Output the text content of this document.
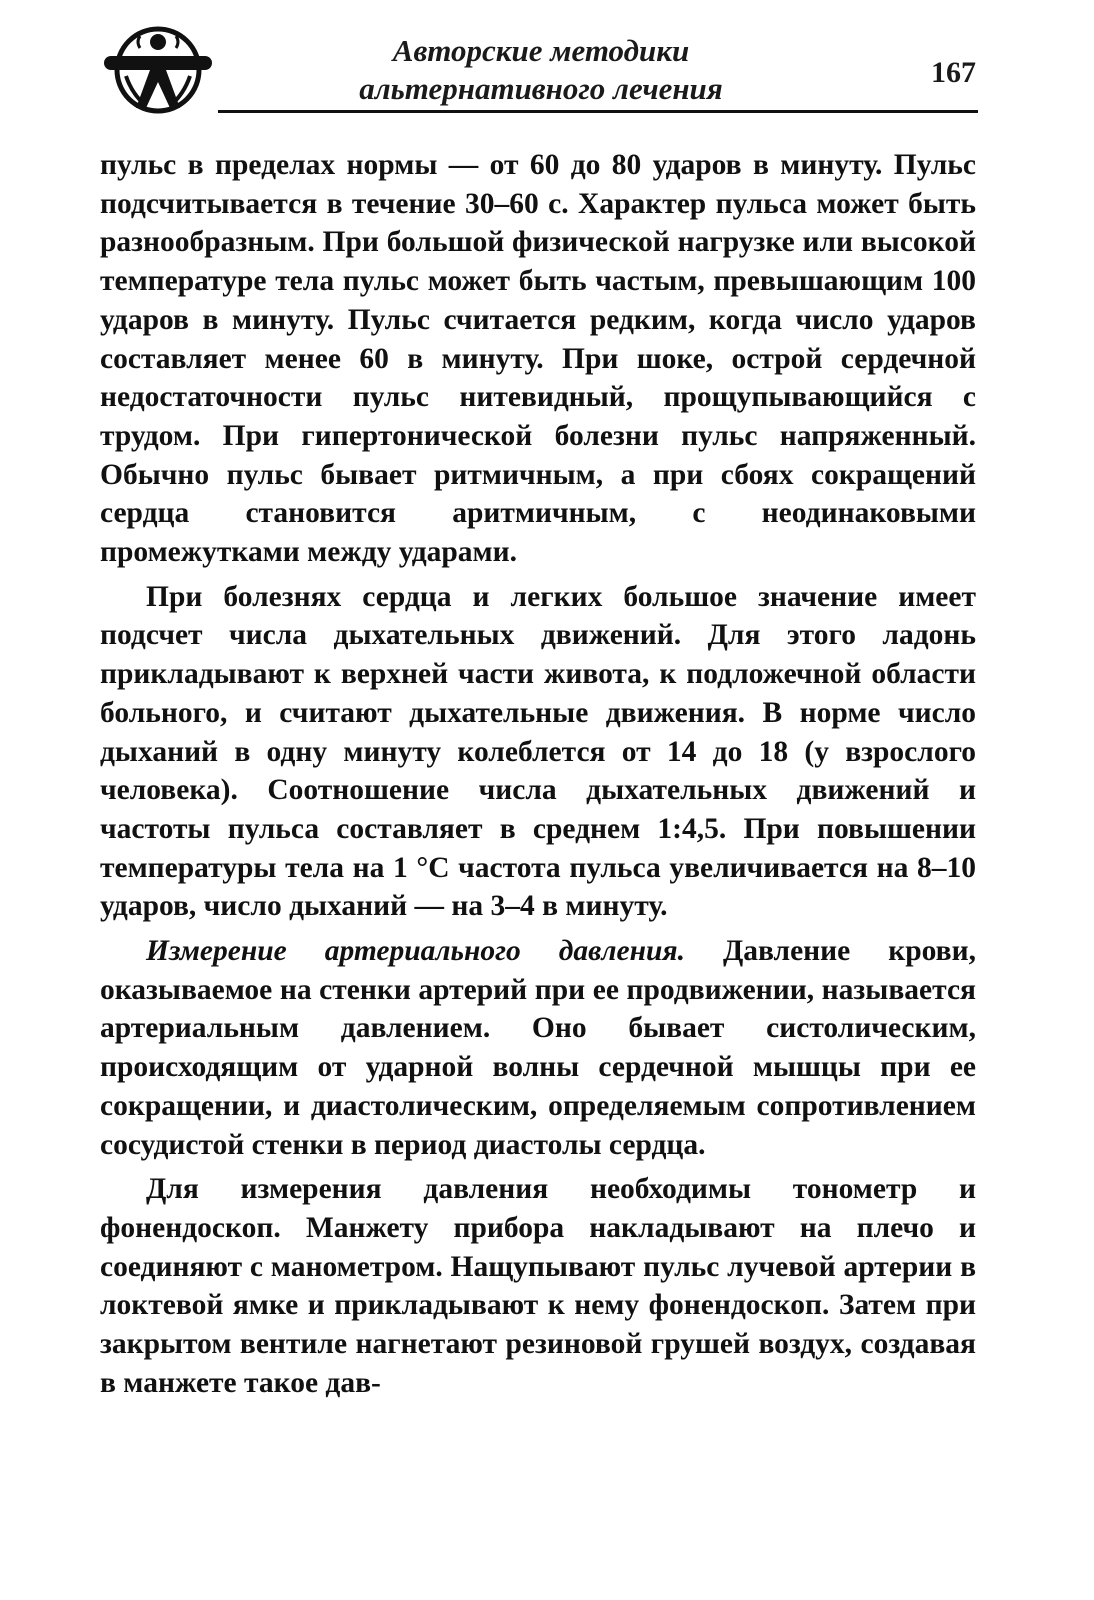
Авторские методики
альтернативного лечения	167

пульс в пределах нормы — от 60 до 80 ударов в минуту. Пульс подсчитывается в течение 30–60 с. Характер пульса может быть разнообразным. При большой физической нагрузке или высокой температуре тела пульс может быть частым, превышающим 100 ударов в минуту. Пульс считается редким, когда число ударов составляет менее 60 в минуту. При шоке, острой сердечной недостаточности пульс нитевидный, прощупывающийся с трудом. При гипертонической болезни пульс напряженный. Обычно пульс бывает ритмичным, а при сбоях сокращений сердца становится аритмичным, с неодинаковыми промежутками между ударами.

При болезнях сердца и легких большое значение имеет подсчет числа дыхательных движений. Для этого ладонь прикладывают к верхней части живота, к подложечной области больного, и считают дыхательные движения. В норме число дыханий в одну минуту колеблется от 14 до 18 (у взрослого человека). Соотношение числа дыхательных движений и частоты пульса составляет в среднем 1:4,5. При повышении температуры тела на 1 °С частота пульса увеличивается на 8–10 ударов, число дыханий — на 3–4 в минуту.

Измерение артериального давления. Давление крови, оказываемое на стенки артерий при ее продвижении, называется артериальным давлением. Оно бывает систолическим, происходящим от ударной волны сердечной мышцы при ее сокращении, и диастолическим, определяемым сопротивлением сосудистой стенки в период диастолы сердца.

Для измерения давления необходимы тонометр и фонендоскоп. Манжету прибора накладывают на плечо и соединяют с манометром. Нащупывают пульс лучевой артерии в локтевой ямке и прикладывают к нему фонендоскоп. Затем при закрытом вентиле нагнетают резиновой грушей воздух, создавая в манжете такое дав-
